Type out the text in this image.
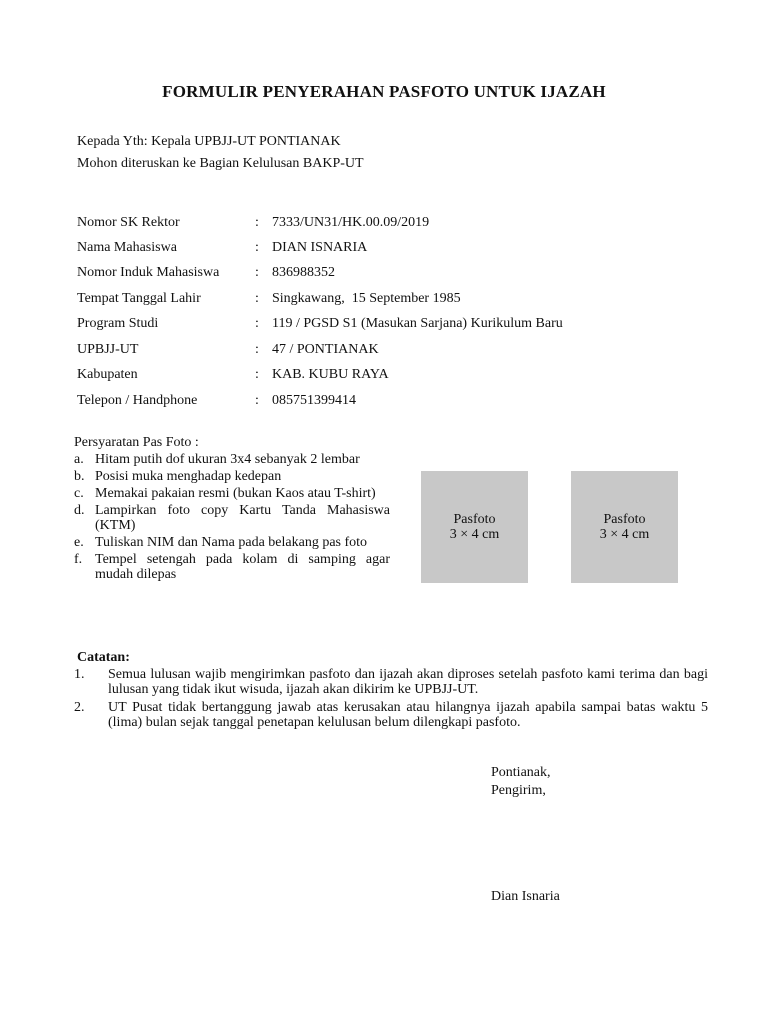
FORMULIR PENYERAHAN PASFOTO UNTUK IJAZAH
Kepada Yth: Kepala UPBJJ-UT PONTIANAK
Mohon diteruskan ke Bagian Kelulusan BAKP-UT
Nomor SK Rektor	: 7333/UN31/HK.00.09/2019
Nama Mahasiswa	: DIAN ISNARIA
Nomor Induk Mahasiswa	: 836988352
Tempat Tanggal Lahir	: Singkawang,  15 September 1985
Program Studi	: 119 / PGSD S1 (Masukan Sarjana) Kurikulum Baru
UPBJJ-UT	: 47 / PONTIANAK
Kabupaten	: KAB. KUBU RAYA
Telepon / Handphone	: 085751399414
Persyaratan Pas Foto :
a. Hitam putih dof ukuran 3x4 sebanyak 2 lembar
b. Posisi muka menghadap kedepan
c. Memakai pakaian resmi (bukan Kaos atau T-shirt)
d. Lampirkan foto copy Kartu Tanda Mahasiswa (KTM)
e. Tuliskan NIM dan Nama pada belakang pas foto
f. Tempel setengah pada kolam di samping agar mudah dilepas
Pasfoto
3 × 4 cm
Pasfoto
3 × 4 cm
Catatan:
1.	Semua lulusan wajib mengirimkan pasfoto dan ijazah akan diproses setelah pasfoto kami terima dan bagi lulusan yang tidak ikut wisuda, ijazah akan dikirim ke UPBJJ-UT.
2.	UT Pusat tidak bertanggung jawab atas kerusakan atau hilangnya ijazah apabila sampai batas waktu 5 (lima) bulan sejak tanggal penetapan kelulusan belum dilengkapi pasfoto.
Pontianak,
Pengirim,
Dian Isnaria
